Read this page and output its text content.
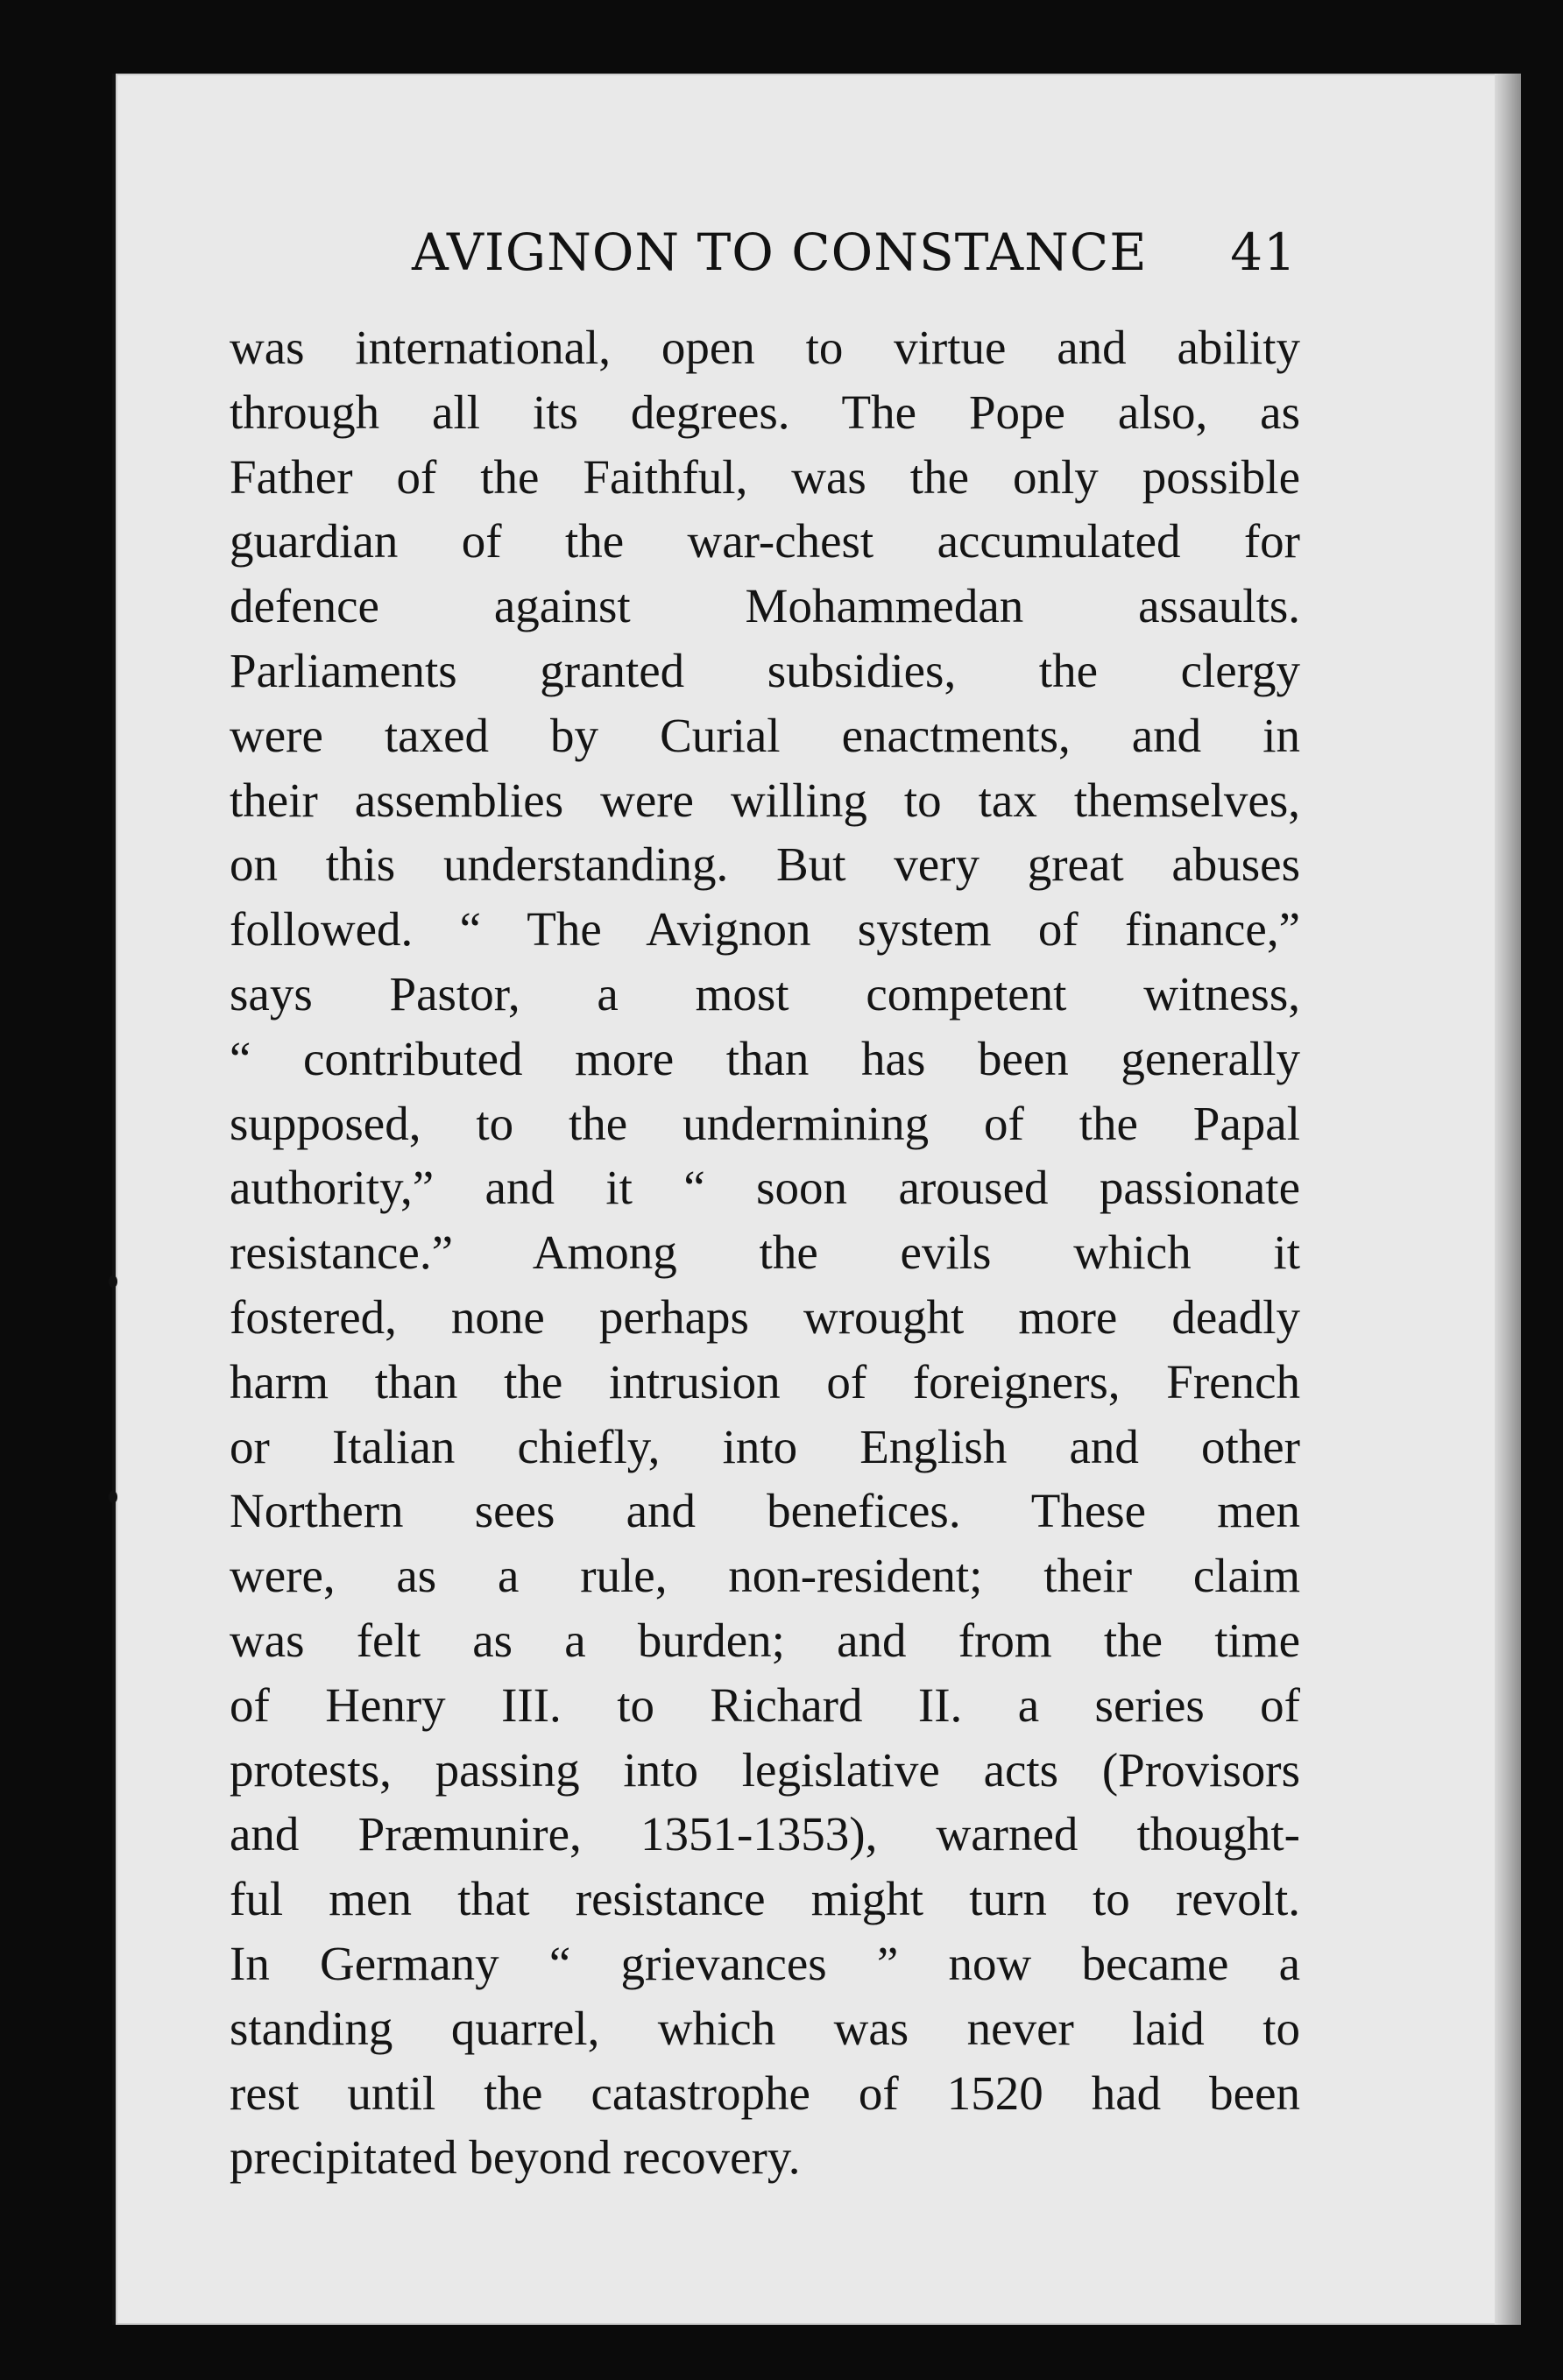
AVIGNON TO CONSTANCE 41
was international, open to virtue and ability
through all its degrees. The Pope also, as
Father of the Faithful, was the only possible
guardian of the war-chest accumulated for
defence against Mohammedan assaults.
Parliaments granted subsidies, the clergy
were taxed by Curial enactments, and in
their assemblies were willing to tax themselves,
on this understanding. But very great abuses
followed. “ The Avignon system of finance,”
says Pastor, a most competent witness,
“ contributed more than has been generally
supposed, to the undermining of the Papal
authority,” and it “ soon aroused passionate
resistance.” Among the evils which it
fostered, none perhaps wrought more deadly
harm than the intrusion of foreigners, French
or Italian chiefly, into English and other
Northern sees and benefices. These men
were, as a rule, non-resident; their claim
was felt as a burden; and from the time
of Henry III. to Richard II. a series of
protests, passing into legislative acts (Provisors
and Præmunire, 1351-1353), warned thought-
ful men that resistance might turn to revolt.
In Germany “ grievances ” now became a
standing quarrel, which was never laid to
rest until the catastrophe of 1520 had been
precipitated beyond recovery.
